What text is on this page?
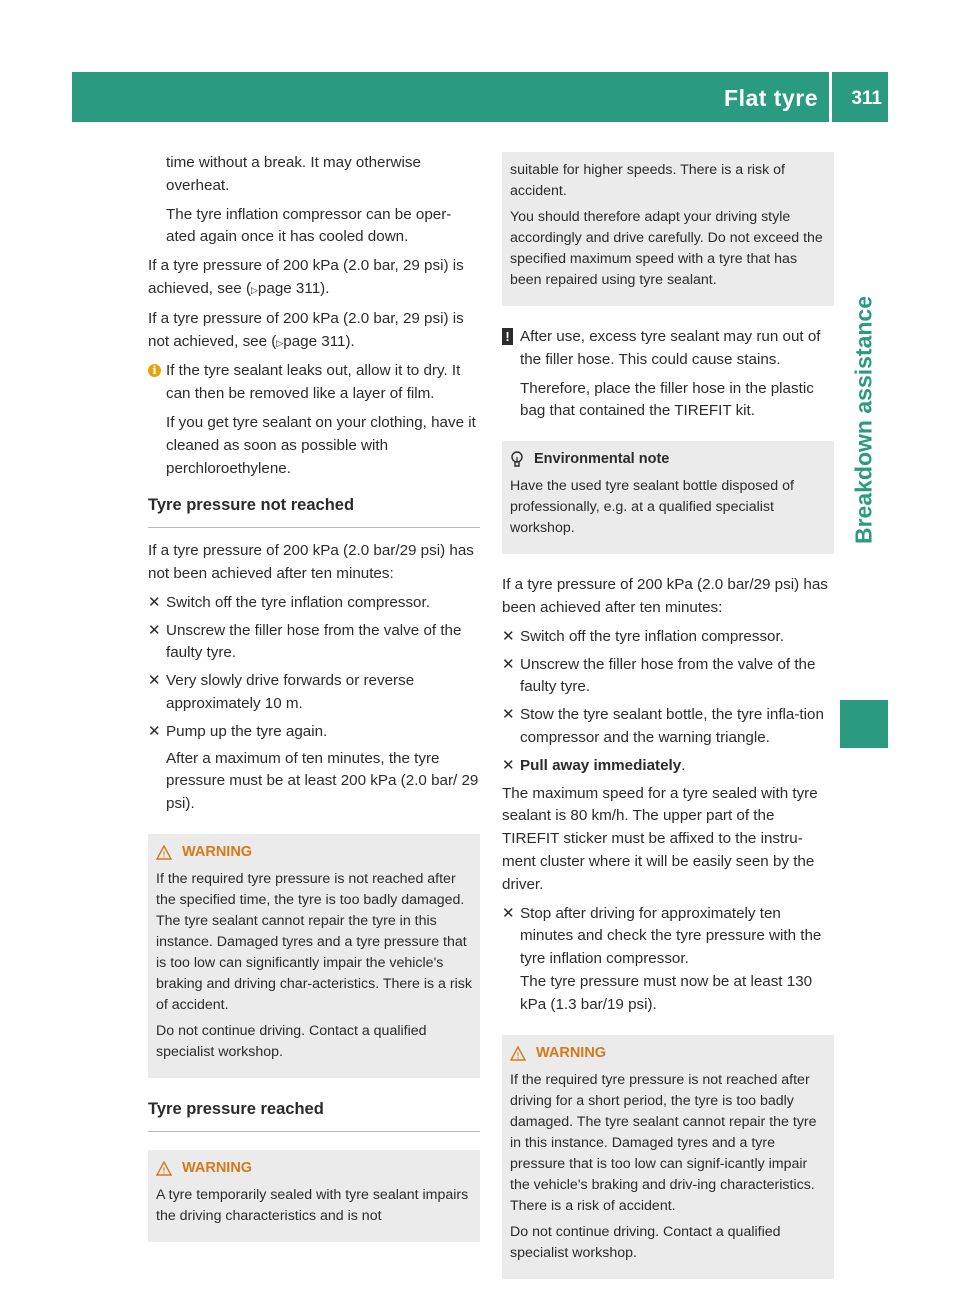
Flat tyre 311
Breakdown assistance

time without a break. It may otherwise overheat.

The tyre inflation compressor can be oper-ated again once it has cooled down.

If a tyre pressure of 200 kPa (2.0 bar, 29 psi) is achieved, see (▷page 311).

If a tyre pressure of 200 kPa (2.0 bar, 29 psi) is not achieved, see (▷page 311).

i If the tyre sealant leaks out, allow it to dry. It can then be removed like a layer of film.

If you get tyre sealant on your clothing, have it cleaned as soon as possible with perchloroethylene.

Tyre pressure not reached

If a tyre pressure of 200 kPa (2.0 bar/29 psi) has not been achieved after ten minutes:

✕ Switch off the tyre inflation compressor.
✕ Unscrew the filler hose from the valve of the faulty tyre.
✕ Very slowly drive forwards or reverse approximately 10 m.
✕ Pump up the tyre again.
After a maximum of ten minutes, the tyre pressure must be at least 200 kPa (2.0 bar/ 29 psi).
! WARNING

If the required tyre pressure is not reached after the specified time, the tyre is too badly damaged. The tyre sealant cannot repair the tyre in this instance. Damaged tyres and a tyre pressure that is too low can significantly impair the vehicle's braking and driving char-acteristics. There is a risk of accident.

Do not continue driving. Contact a qualified specialist workshop.

Tyre pressure reached
! WARNING

A tyre temporarily sealed with tyre sealant impairs the driving characteristics and is not

suitable for higher speeds. There is a risk of accident.

You should therefore adapt your driving style accordingly and drive carefully. Do not exceed the specified maximum speed with a tyre that has been repaired using tyre sealant.

! After use, excess tyre sealant may run out of the filler hose. This could cause stains.

Therefore, place the filler hose in the plastic bag that contained the TIREFIT kit.

Environmental note

Have the used tyre sealant bottle disposed of professionally, e.g. at a qualified specialist workshop.

If a tyre pressure of 200 kPa (2.0 bar/29 psi) has been achieved after ten minutes:

✕ Switch off the tyre inflation compressor.
✕ Unscrew the filler hose from the valve of the faulty tyre.
✕ Stow the tyre sealant bottle, the tyre infla-tion compressor and the warning triangle.
✕ Pull away immediately.

The maximum speed for a tyre sealed with tyre sealant is 80 km/h. The upper part of the TIREFIT sticker must be affixed to the instru-ment cluster where it will be easily seen by the driver.

✕ Stop after driving for approximately ten minutes and check the tyre pressure with the tyre inflation compressor.
The tyre pressure must now be at least 130 kPa (1.3 bar/19 psi).
! WARNING

If the required tyre pressure is not reached after driving for a short period, the tyre is too badly damaged. The tyre sealant cannot repair the tyre in this instance. Damaged tyres and a tyre pressure that is too low can signif-icantly impair the vehicle's braking and driv-ing characteristics. There is a risk of accident.

Do not continue driving. Contact a qualified specialist workshop.
